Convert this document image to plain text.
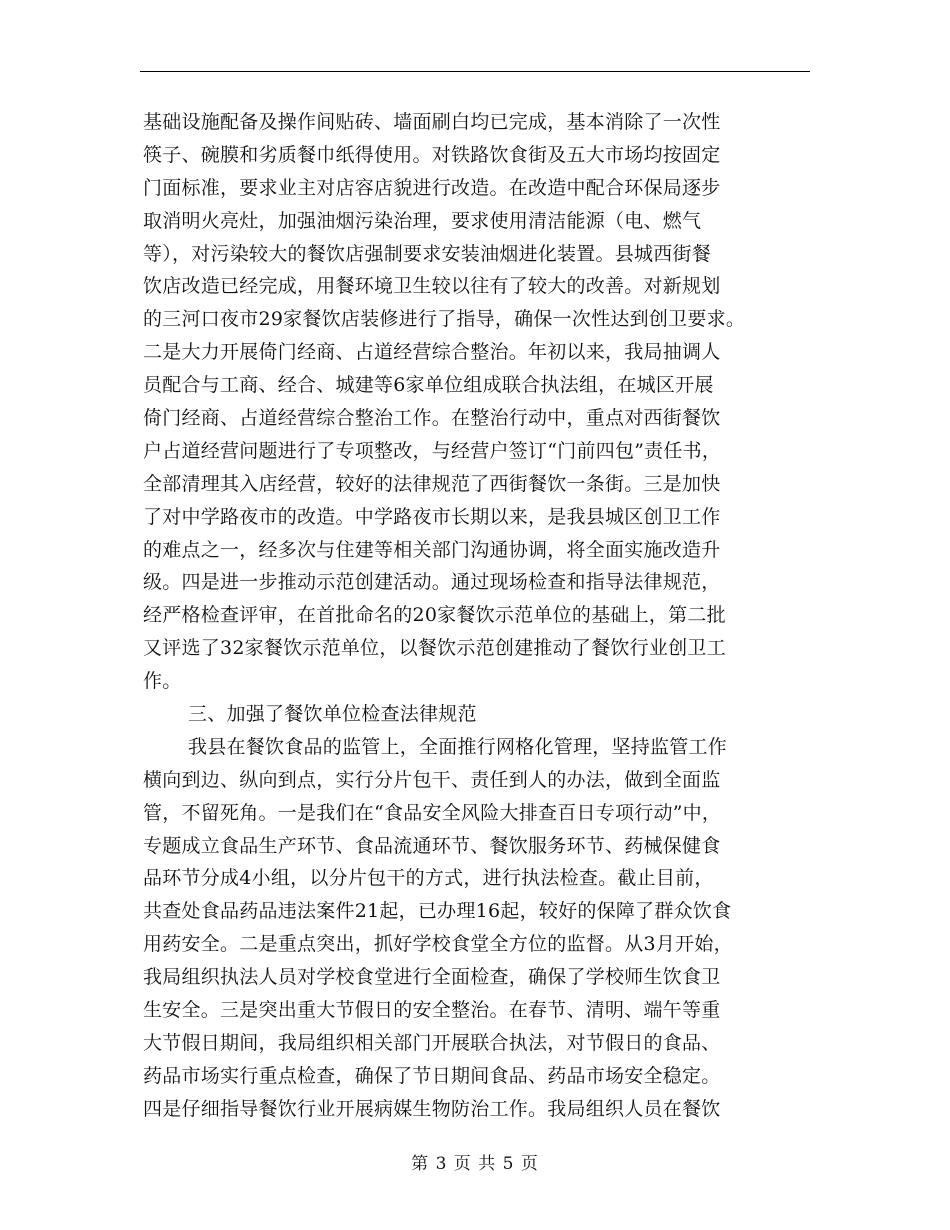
基础设施配备及操作间贴砖、墙面刷白均已完成，基本消除了一次性
筷子、碗膜和劣质餐巾纸得使用。对铁路饮食街及五大市场均按固定
门面标准，要求业主对店容店貌进行改造。在改造中配合环保局逐步
取消明火亮灶，加强油烟污染治理，要求使用清洁能源（电、燃气
等），对污染较大的餐饮店强制要求安装油烟进化装置。县城西街餐
饮店改造已经完成，用餐环境卫生较以往有了较大的改善。对新规划
的三河口夜市29家餐饮店装修进行了指导，确保一次性达到创卫要求。
二是大力开展倚门经商、占道经营综合整治。年初以来，我局抽调人
员配合与工商、经合、城建等6家单位组成联合执法组，在城区开展
倚门经商、占道经营综合整治工作。在整治行动中，重点对西街餐饮
户占道经营问题进行了专项整改，与经营户签订“门前四包”责任书，
全部清理其入店经营，较好的法律规范了西街餐饮一条街。三是加快
了对中学路夜市的改造。中学路夜市长期以来，是我县城区创卫工作
的难点之一，经多次与住建等相关部门沟通协调，将全面实施改造升
级。四是进一步推动示范创建活动。通过现场检查和指导法律规范，
经严格检查评审，在首批命名的20家餐饮示范单位的基础上，第二批
又评选了32家餐饮示范单位，以餐饮示范创建推动了餐饮行业创卫工
作。
三、加强了餐饮单位检查法律规范
我县在餐饮食品的监管上，全面推行网格化管理，坚持监管工作
横向到边、纵向到点，实行分片包干、责任到人的办法，做到全面监
管，不留死角。一是我们在“食品安全风险大排查百日专项行动”中，
专题成立食品生产环节、食品流通环节、餐饮服务环节、药械保健食
品环节分成4小组，以分片包干的方式，进行执法检查。截止目前，
共查处食品药品违法案件21起，已办理16起，较好的保障了群众饮食
用药安全。二是重点突出，抓好学校食堂全方位的监督。从3月开始，
我局组织执法人员对学校食堂进行全面检查，确保了学校师生饮食卫
生安全。三是突出重大节假日的安全整治。在春节、清明、端午等重
大节假日期间，我局组织相关部门开展联合执法，对节假日的食品、
药品市场实行重点检查，确保了节日期间食品、药品市场安全稳定。
四是仔细指导餐饮行业开展病媒生物防治工作。我局组织人员在餐饮
第 3 页 共 5 页
